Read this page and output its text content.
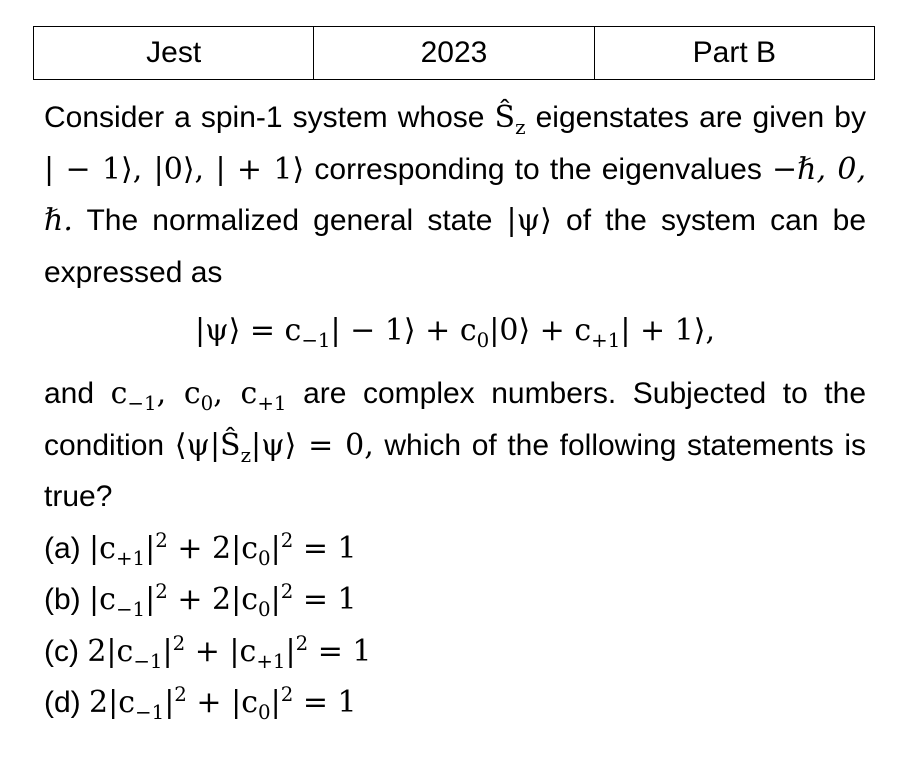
Jest	2023	Part B

Consider a spin-1 system whose $Ŝ_z$ eigenstates are given by | − 1⟩, |0⟩, | + 1⟩ corresponding to the eigenvalues −ℏ, 0, ℏ. The normalized general state |ψ⟩ of the system can be expressed as

|ψ⟩ = $c_{-1}|$ − 1⟩ + $c_0|0⟩ + c_{+1}|$ + 1⟩,

and $c_{-1}$, $c_0$, $c_{+1}$ are complex numbers. Subjected to the condition $⟨\psi|Ŝ_z|\psi⟩ = 0$, which of the following statements is true?

(a) $|c_{+1}|^2 + 2|c_0|^2 = 1$

(b) $|c_{-1}|^2 + 2|c_0|^2 = 1$

(c) $2|c_{-1}|^2 + |c_{+1}|^2 = 1$

(d) $2|c_{-1}|^2 + |c_0|^2 = 1$
